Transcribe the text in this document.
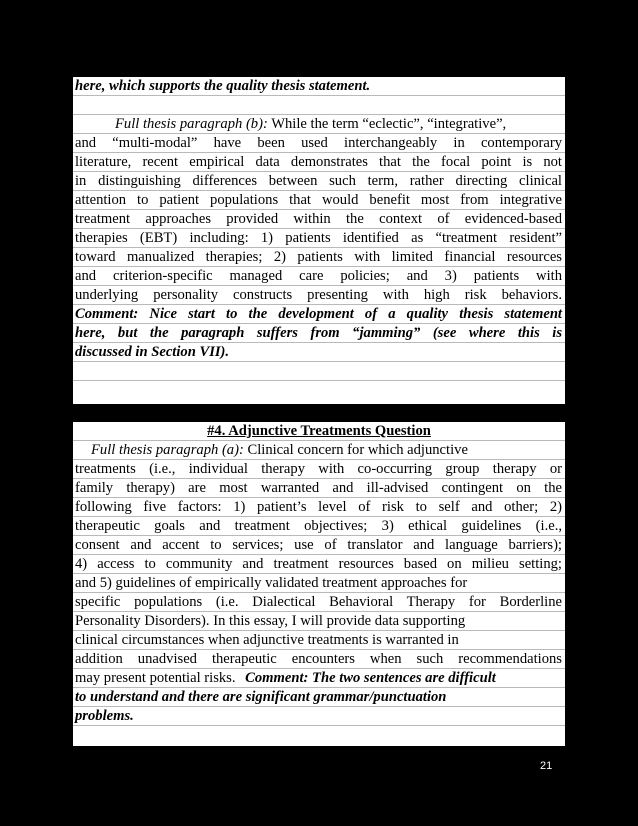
here, which supports the quality thesis statement.
Full thesis paragraph (b): While the term “eclectic”, “integrative”,
and “multi-modal” have been used interchangeably in contemporary
literature, recent empirical data demonstrates that the focal point is not
in distinguishing differences between such term, rather directing clinical
attention to patient populations that would benefit most from integrative
treatment approaches provided within the context of evidenced-based
therapies (EBT) including: 1) patients identified as “treatment resident”
toward manualized therapies; 2) patients with limited financial resources
and criterion-specific managed care policies; and 3) patients with
underlying personality constructs presenting with high risk behaviors.
Comment: Nice start to the development of a quality thesis statement
here, but the paragraph suffers from “jamming” (see where this is
discussed in Section VII).
#4. Adjunctive Treatments Question
Full thesis paragraph (a): Clinical concern for which adjunctive
treatments (i.e., individual therapy with co-occurring group therapy or
family therapy) are most warranted and ill-advised contingent on the
following five factors: 1) patient’s level of risk to self and other; 2)
therapeutic goals and treatment objectives; 3) ethical guidelines (i.e.,
consent and accent to services; use of translator and language barriers);
4) access to community and treatment resources based on milieu setting;
and 5) guidelines of empirically validated treatment approaches for
specific populations (i.e. Dialectical Behavioral Therapy for Borderline
Personality Disorders). In this essay, I will provide data supporting
clinical circumstances when adjunctive treatments is warranted in
addition unadvised therapeutic encounters when such recommendations
may present potential risks. Comment: The two sentences are difficult
to understand and there are significant grammar/punctuation
problems.
21
